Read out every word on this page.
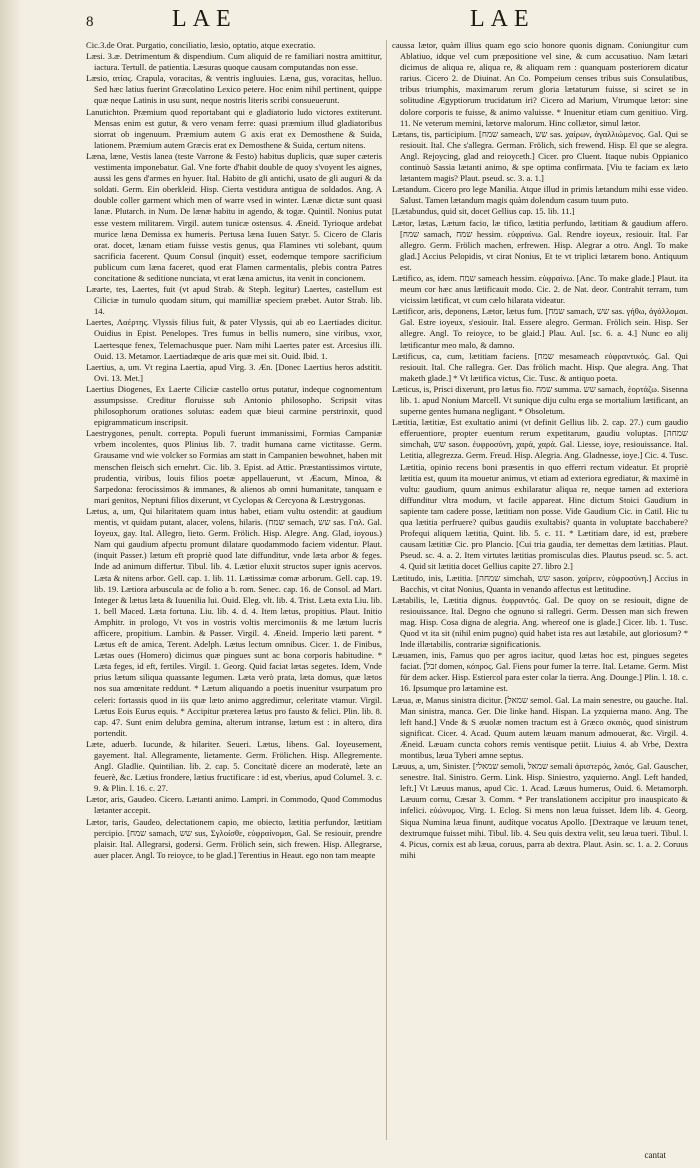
8	LAE	LAE

Cic.3.de Orat. Purgatio, conciliatio, læsio, optatio, atque execratio.

Læsi. 3.æ. Detrimentum & dispendium. Cum aliquid de re familiari nostra amittitur, iactura. Tertull. de patientia. Læsuras quoque causam computandas non esse.

Læsio, ατίας. Crapula, voracitas, & ventris ingluuies. Læna, gus, voracitas, helluo. Sed hæc latius fuerint Græcolatino Lexico petere. Hoc enim nihil pertinent, quippe quæ neque Latinis in usu sunt, neque nostris literis scribi consueuerunt.

Lanutichton. Præmium quod reportabant qui e gladiatorio ludo victores extiterunt. Mensas enim est gutur, & vero venam ferre: quasi præmium illud gladiatoribus siorrat ob ingenuum. Præmium autem G axis erat ex Demosthene & Suida, lationem. Præmium autem Græcis erat ex Demosthene & Suida, certum nitens.

Læna, læne, Vestis lanea (teste Varrone & Festo) habitus duplicis, quæ super cæteris vestimenta imponebatur. Gal. Vne forte d'habit double de quoy s'voyent les aignes, aussi les gens d'armes en hyuer. Ital. Habito de gli antichi, usato de gli auguri & da soldati. Germ. Ein oberkleid. Hisp. Cierta vestidura antigua de soldados. Ang. A double coller garment which men of warre vsed in winter. Lænæ dictæ sunt quasi lanæ. Plutarch. in Num. De lænæ habitu in agendo, & togæ. Quintil. Nonius putat esse vestem militarem. Virgil. autem tunicæ ostensus. 4. Æneid. Tyrioque ardebat murice læna Demissa ex humeris. Pertusa læna Iuuen Satyr. 5. Cicero de Claris orat. docet, lænam etiam fuisse vestis genus, qua Flamines vti solebant, quum sacrificia facerent. Quum Consul (inquit) esset, eodemque tempore sacrificium publicum cum læna faceret, quod erat Flamen carmentalis, plebis contra Patres concitatione & seditione nunciata, vt erat læna amictus, ita venit in concionem.

Læarte, tes, Laertes, fuit (vt apud Strab. & Steph. legitur) Laertes, castellum est Ciliciæ in tumulo quodam situm, qui mamilliæ speciem præbet. Autor Strab. lib. 14.

Laertes, Λαέρτης. Vlyssis filius fuit, & pater Vlyssis, qui ab eo Laertiades dicitur. Ouidius in Epist. Penelopes. Tres fumus in bellis numero, sine viribus, vxor, Laertesque fenex, Telemachusque puer. Nam mihi Laertes pater est. Arcesius illi. Ouid. 13. Metamor. Laertiadæque de aris quæ mei sit. Ouid. Ibid. 1.

Laertius, a, um. Vt regina Laertia, apud Virg. 3. Æn. [Donec Laertius heros adstitit. Ovi. 13. Met.]

Laertius Diogenes, Ex Laerte Ciliciæ castello ortus putatur, indeque cognomentum assumpsisse. Creditur floruisse sub Antonio philosopho. Scripsit vitas philosophorum orationes solutas: eadem quæ bieui carmine perstrinxit, quod epigrammaticum inscripsit.

Laestrygones, penult. correpta. Populi fuerunt immanissimi, Formias Campaniæ vrbem incolentes, quos Plinius lib. 7. tradit humana carne victitasse. Germ. Grausame vnd wie volcker so Formias am statt in Campanien bewohnet, haben mit menschen fleisch sich ernehrt. Cic. lib. 3. Epist. ad Attic. Præstantissimos virtute, prudentia, viribus, louis filios poetæ appellauerunt, vt Æacum, Minoa, & Sarpedona: ferocissimos & immanes, & alienos ab omni humanitate, tanquam e mari genitos, Neptuni filios dixerunt, vt Cyclopas & Cercyona & Læstrygonas.

Lætus, a, um, Qui hilaritatem quam intus habet, etiam vultu ostendit: at gaudium mentis, vt quidam putant, alacer, volens, hilaris. (שמח semach, שש sas. Γαλ. Gal. Ioyeux, gay. Ital. Allegro, lieto. Germ. Frölich. Hisp. Alegre. Ang. Glad, ioyous.) Nam qui gaudium afpectu promunt dilatare quodammodo faciem videntur. Plaut. (inquit Passer.) lætum eft propriè quod late diffunditur, vnde læta arbor & feges. Inde ad animum differtur. Tibul. lib. 4. Lætior eluxit structos super ignis acervos. Læta & nitens arbor. Gell. cap. 1. lib. 11. Lætissimæ comæ arborum. Gell. cap. 19. lib. 19. Lætiora arbuscula ac de folio a b. rom. Senec. cap. 16. de Consol. ad Mart. Integer & lætus læta & Iuuenilia lui. Ouid. Eleg. vlt. lib. 4. Trist. Læta exta Liu. lib. 1. bell Maced. Læta fortuna. Liu. lib. 4. d. 4. Item lætus, propitius. Plaut. Initio Amphitr. in prologo, Vt vos in vostris voltis mercimoniis & me lætum lucris afficere, propitium. Lambin. & Passer. Virgil. 4. Æneid. Imperio læti parent. * Lætus eft de amica, Terent. Adelph. Lætus lectum omnibus. Cicer. 1. de Finibus, Lætas oues (Homero) dicimus quæ pingues sunt ac bona corporis habitudine. * Læta feges, id eft, fertiles. Virgil. 1. Georg. Quid faciat lætas segetes. Idem, Vnde prius lætum siliqua quassante legumen. Læta verò prata, læta domus, quæ lætos nos sua amœnitate reddunt. * Lætum aliquando a poetis inuenitur vsurpatum pro celeri: fortassis quod in iis quæ læto animo aggredimur, celeritate vtamur. Virgil. Lætus Eois Eurus equis. * Accipitur præterea lætus pro fausto & felici. Plin. lib. 8. cap. 47. Sunt enim delubra gemina, alterum intranse, lætum est : in altero, dira portendit.

Læte, aduerb. Iucunde, & hilariter. Seueri. Lætus, libens. Gal. Ioyeusement, gayement. Ital. Allegramente, lietamente. Germ. Frölichen. Hisp. Allegremente. Angl. Gladlie. Quintilian. lib. 2. cap. 5. Concitatè dicere an moderatè, læte an feuerè, &c. Lætius frondere, lætius fructificare : id est, vberius, apud Columel. 3. c. 9. & Plin. l. 16. c. 27.

Lætor, aris, Gaudeo. Cicero. Lætanti animo. Lampri. in Commodo, Quod Commodus lætanter accepit.

Lætor, taris, Gaudeo, delectationem capio, me obiecto, lætitia perfundor, lætitiam percipio. [שמח samach, שש sus, Σγλοίσθε, εὐφραίνομαι, Gal. Se resiouir, prendre plaisir. Ital. Allegrarsi, godersi. Germ. Frölich sein, sich frewen. Hisp. Allegrarse, auer placer. Angl. To reioyce, to be glad.] Terentius in Heaut. ego non tam meapte

caussa lætor, quàm illius quam ego scio honore quonis dignam. Coniungitur cum Ablatiuo, idque vel cum præpositione vel sine, & cum accusatiuo. Nam lætari dicimus de aliqua re, aliqua re, & aliquam rem : quanquam posteriorem dicatur rarius. Cicero 2. de Diuinat. An Co. Pompeium censes tribus suis Consulatibus, tribus triumphis, maximarum rerum gloria lætaturum fuisse, si sciret se in solitudine Ægyptiorum trucidatum iri? Cicero ad Marium, Vtrumque lætor: sine dolore corporis te fuisse, & animo valuisse. * Inuenitur etiam cum genitiuo. Virg. 11. Ne veterum memini, lætorve malorum. Hinc collætor, simul lætor.

Lætans, tis, participium. [שמח sameach, שש sas. χαίρων, ἀγαλλιώμενος. Gal. Qui se resiouit. Ital. Che s'allegra. German. Frölich, sich frewend. Hisp. El que se alegra. Angl. Rejoycing, glad and reioyceth.] Cicer. pro Cluent. Itaque nubis Oppianico continuò Sassia lætanti animo, & spe optima confirmata. [Viu te faciam ex læto lætantem magis? Plaut. pseud. sc. 3. a. 1.]

Lætandum. Cicero pro lege Manilia. Atque illud in primis lætandum mihi esse video. Salust. Tamen lætandum magis quàm dolendum casum tuum puto.

[Lætabundus, quid sit, docet Gellius cap. 15. lib. 11.]

Lætor, lætas, Lætum facio, læ tifico, lætitia perfundo, lætitiam & gaudium affero. [שמח samach, שמח hessim. εὐφραίνω. Gal. Rendre ioyeux, resiouir. Ital. Far allegro. Germ. Frölich machen, erfrewen. Hisp. Alegrar a otro. Angl. To make glad.] Accius Pelopidis, vt cirat Nonius, Et te vt triplici lætarem bono. Antiquum est.

Lætifico, as, idem. שמח sameach hessim. εὐφραίνω. [Anc. To make glade.] Plaut. ita meum cor hæc anus lætificauit modo. Cic. 2. de Nat. deor. Contrahit terram, tum vicissim lætificat, vt cum cælo hilarata videatur.

Lætificor, aris, deponens, Lætor, lætus fum. [שמח samach, שש sas. γήθω, ἀγάλλομαι. Gal. Estre ioyeux, s'esiouir. Ital. Essere alegro. German. Frölich sein. Hisp. Ser allegre. Angl. To reioyce, to be glaid.] Plau. Aul. [sc. 6. a. 4.] Nunc eo alij lætificantur meo malo, & damno.

Lætificus, ca, cum, lætitiam faciens. [שמח mesameach εὐφραντικός. Gal. Qui resiouit. Ital. Che rallegra. Ger. Das frölich macht. Hisp. Que alegra. Ang. That maketh glade.] * Vt lætifica victus, Cic. Tusc. & antiquo poeta.

Læticus, is, Prisci dixerunt, pro lætus fio. שמח summa. שש samach, ἑορτάζω. Sisenna lib. 1. apud Nonium Marcell. Vt sunique diju cultu erga se mortalium lætificant, an superne gentes humana negligant. * Obsoletum.

Lætitia, lætitiæ, Est exultatio animi (vt definit Gellius lib. 2. cap. 27.) cum gaudio efferuentiore, propter euentum rerum expetitarum, gaudiu voluptas. [שמחה simchah, שש sason. ἐυφροσύνη, χαρά, χαρά. Gal. Liesse, ioye, resiouissance. Ital. Letitia, allegrezza. Germ. Freud. Hisp. Alegria. Ang. Gladnesse, ioye.] Cic. 4. Tusc. Lætitia, opinio recens boni præsentis in quo efferri rectum videatur. Et propriè lætitia est, quum ita mouetur animus, vt etiam ad exteriora egrediatur, & maximè in vultu: gaudium, quum animus exhilaratur aliqua re, neque tamen ad exteriora diffunditur vltra modum, vt facile appareat. Hinc dictum Stoici Gaudium in sapiente tam cadere posse, lætitiam non posse. Vide Gaudium Cic. in Catil. Hic tu qua lætitia perfruere? quibus gaudiis exultabis? quanta in voluptate bacchabere? Profequi aliquem lætitia, Quint. lib. 5. c. 11. * Lætitiam dare, id est, præbere causam lætitiæ Cic. pro Plancio. [Cui tria gaudia, ter demettas dem lætitias. Plaut. Pseud. sc. 4. a. 2. Item virtutes lætitias promisculas dies. Plautus pseud. sc. 5. act. 4. Quid sit lætitia docet Gellius capite 27. libro 2.]

Lætitudo, inis, Lætitia. [שמחה simchah, שש sason. χαίρειν, εὐφροσύνη.] Accius in Bacchis, vt citat Nonius, Quanta in venando affectus est lætitudine.

Lætabilis, le, Lætitia dignus. ἐυφραντός. Gal. De quoy on se resiouit, digne de resiouissance. Ital. Degno che ognuno si rallegri. Germ. Dessen man sich frewen mag. Hisp. Cosa digna de alegria. Ang. whereof one is glade.] Cicer. lib. 1. Tusc. Quod vt ita sit (nihil enim pugno) quid habet ista res aut lætabile, aut gloriosum? * Inde illætabilis, contrariæ significationis.

Læuamen, inis, Famus quo per agros iacitur, quod lætas hoc est, pingues segetes faciat. [זבל domen, κόπρος. Gal. Fiens pour fumer la terre. Ital. Letame. Germ. Mist für dem acker. Hisp. Estiercol para ester colar la tierra. Ang. Dounge.] Plin. l. 18. c. 16. Ipsumque pro lætamine est.

Læua, æ, Manus sinistra dicitur. [שמאל semol. Gal. La main senestre, ou gauche. Ital. Man sinistra, manca. Ger. Die linke hand. Hispan. La yzquierna mano. Ang. The left hand.] Vnde & S æuolæ nomen tractum est à Græco σκαιός, quod sinistrum significat. Cicer. 4. Acad. Quum autem læuam manum admouerat, &c. Virgil. 4. Æneid. Læuam cuncta cohors remis ventisque petiit. Liuius 4. ab Vrbe, Dextra montibus, læua Tyberi amne septus.

Læuus, a, um, Sinister. [שמאלי semoli, שמאל semali ἀριστερός, λαιός. Gal. Gauscher, senestre. Ital. Sinistro. Germ. Link. Hisp. Siniestro, yzquierno. Angl. Left handed, left.] Vt Læuus manus, apud Cic. 1. Acad. Læuus humerus, Ouid. 6. Metamorph. Læuum cornu, Cæsar 3. Comm. * Per translationem accipitur pro inauspicato & infelici. εὐώνυμος. Virg. 1. Eclog. Si mens non læua fuisset. Idem lib. 4. Georg. Siqua Numina læua finunt, audítque vocatus Apollo. [Dextraque ve læuum tenet, dextrumque fuisset mihi. Tibul. lib. 4. Seu quis dextra velit, seu læua tueri. Tibul. l. 4. Picus, cornix est ab læua, coruus, parra ab dextra. Plaut. Asin. sc. 1. a. 2. Coruus mihi

cantat
